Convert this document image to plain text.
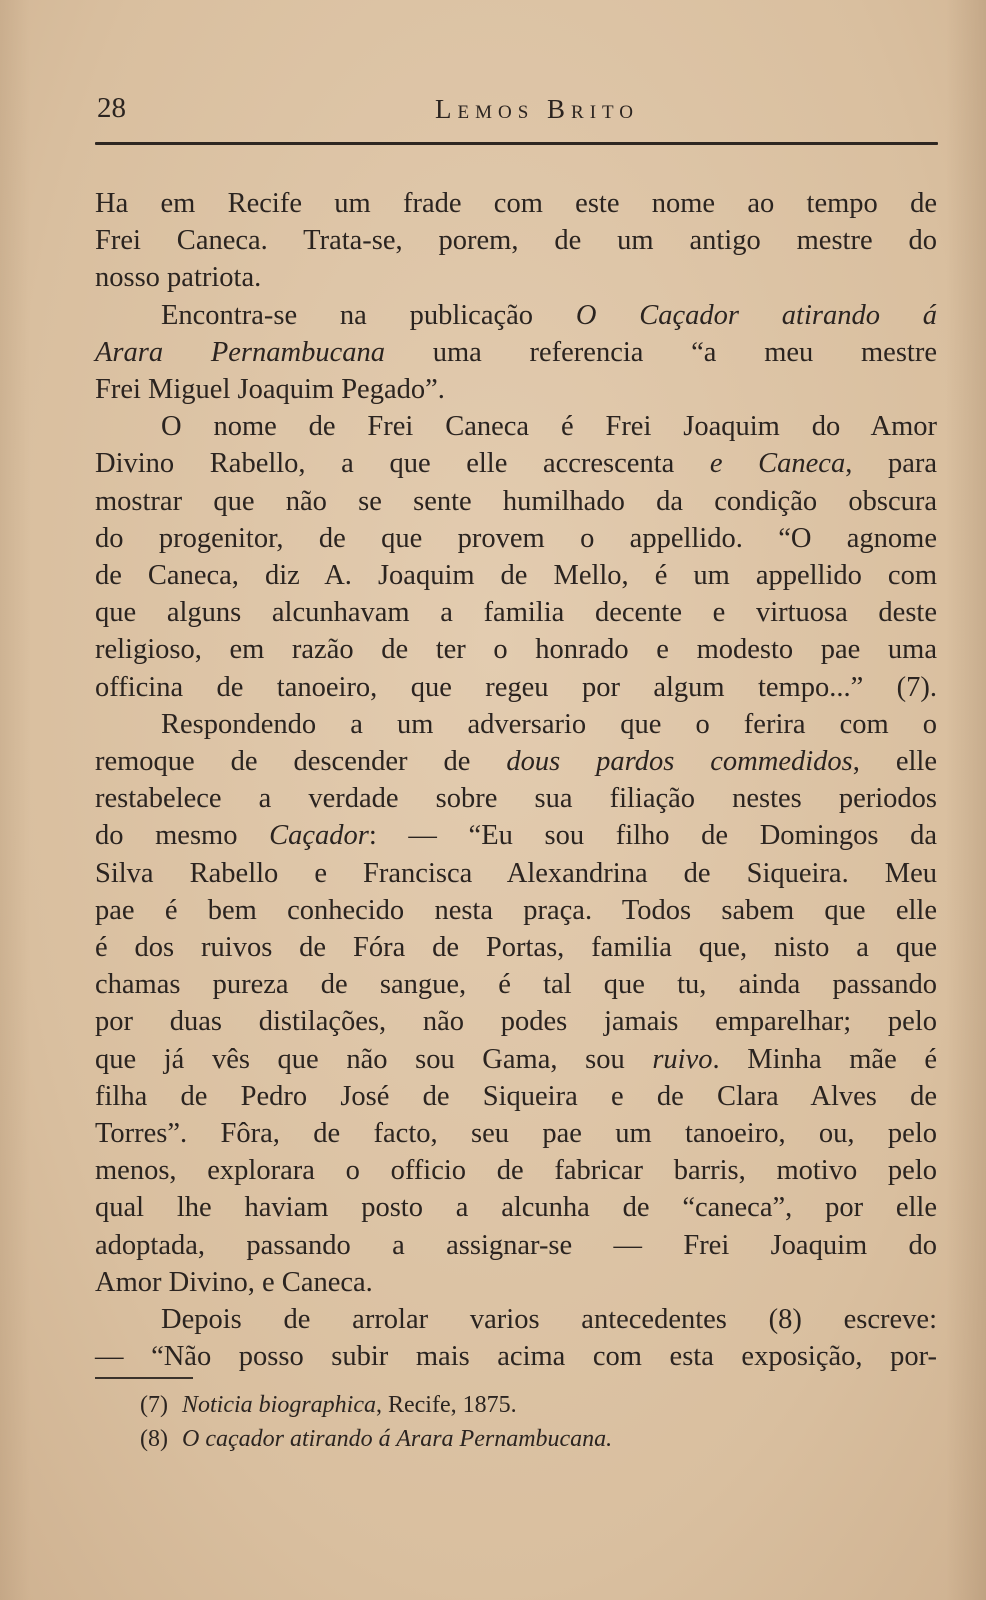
28	Lemos Brito
Ha em Recife um frade com este nome ao tempo de
Frei Caneca. Trata-se, porem, de um antigo mestre do
nosso patriota.
Encontra-se na publicação O Caçador atirando á
Arara Pernambucana uma referencia “a meu mestre
Frei Miguel Joaquim Pegado”.
O nome de Frei Caneca é Frei Joaquim do Amor
Divino Rabello, a que elle accrescenta e Caneca, para
mostrar que não se sente humilhado da condição obscura
do progenitor, de que provem o appellido. “O agnome
de Caneca, diz A. Joaquim de Mello, é um appellido com
que alguns alcunhavam a familia decente e virtuosa deste
religioso, em razão de ter o honrado e modesto pae uma
officina de tanoeiro, que regeu por algum tempo...” (7).
Respondendo a um adversario que o ferira com o
remoque de descender de dous pardos commedidos, elle
restabelece a verdade sobre sua filiação nestes periodos
do mesmo Caçador: — “Eu sou filho de Domingos da
Silva Rabello e Francisca Alexandrina de Siqueira. Meu
pae é bem conhecido nesta praça. Todos sabem que elle
é dos ruivos de Fóra de Portas, familia que, nisto a que
chamas pureza de sangue, é tal que tu, ainda passando
por duas distilações, não podes jamais emparelhar; pelo
que já vês que não sou Gama, sou ruivo. Minha mãe é
filha de Pedro José de Siqueira e de Clara Alves de
Torres”. Fôra, de facto, seu pae um tanoeiro, ou, pelo
menos, explorara o officio de fabricar barris, motivo pelo
qual lhe haviam posto a alcunha de “caneca”, por elle
adoptada, passando a assignar-se — Frei Joaquim do
Amor Divino, e Caneca.
Depois de arrolar varios antecedentes (8) escreve:
— “Não posso subir mais acima com esta exposição, por-
(7) Noticia biographica, Recife, 1875.
(8) O caçador atirando á Arara Pernambucana.
